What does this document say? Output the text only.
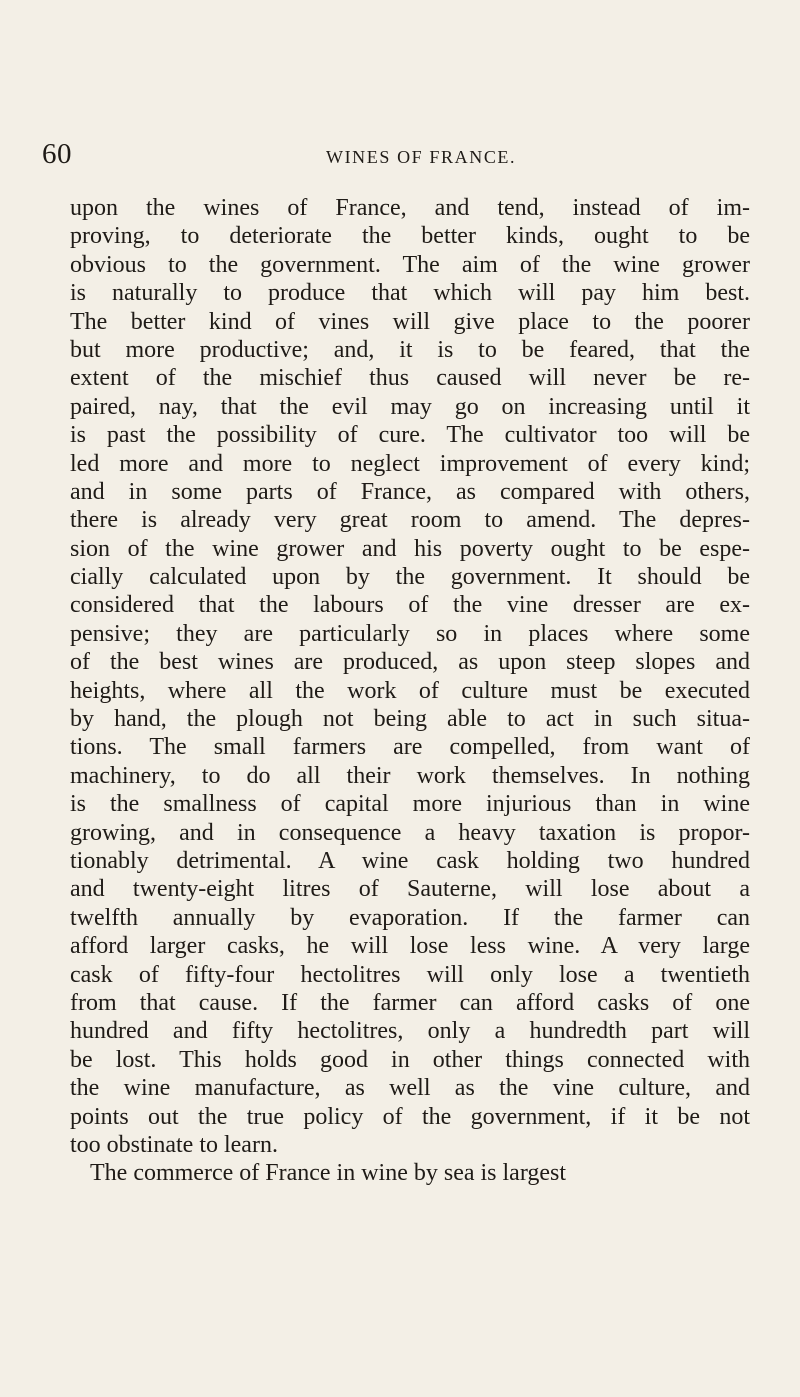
60	WINES OF FRANCE.
upon the wines of France, and tend, instead of im-
proving, to deteriorate the better kinds, ought to be
obvious to the government. The aim of the wine grower
is naturally to produce that which will pay him best.
The better kind of vines will give place to the poorer
but more productive; and, it is to be feared, that the
extent of the mischief thus caused will never be re-
paired, nay, that the evil may go on increasing until it
is past the possibility of cure. The cultivator too will be
led more and more to neglect improvement of every kind;
and in some parts of France, as compared with others,
there is already very great room to amend. The depres-
sion of the wine grower and his poverty ought to be espe-
cially calculated upon by the government. It should be
considered that the labours of the vine dresser are ex-
pensive; they are particularly so in places where some
of the best wines are produced, as upon steep slopes and
heights, where all the work of culture must be executed
by hand, the plough not being able to act in such situa-
tions. The small farmers are compelled, from want of
machinery, to do all their work themselves. In nothing
is the smallness of capital more injurious than in wine
growing, and in consequence a heavy taxation is propor-
tionably detrimental. A wine cask holding two hundred
and twenty-eight litres of Sauterne, will lose about a
twelfth annually by evaporation. If the farmer can
afford larger casks, he will lose less wine. A very large
cask of fifty-four hectolitres will only lose a twentieth
from that cause. If the farmer can afford casks of one
hundred and fifty hectolitres, only a hundredth part will
be lost. This holds good in other things connected with
the wine manufacture, as well as the vine culture, and
points out the true policy of the government, if it be not
too obstinate to learn.
The commerce of France in wine by sea is largest
